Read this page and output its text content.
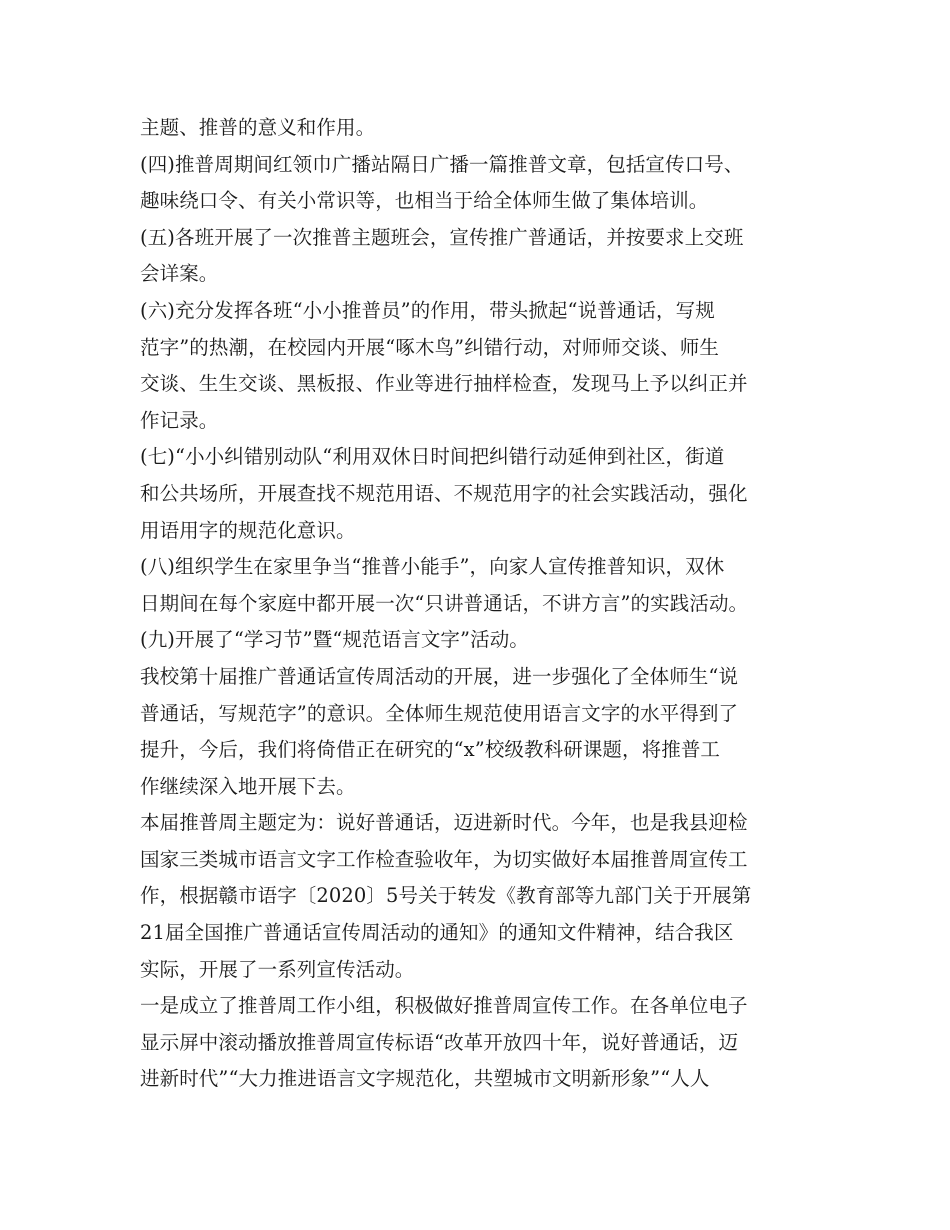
主题、推普的意义和作用。
(四)推普周期间红领巾广播站隔日广播一篇推普文章，包括宣传口号、
趣味绕口令、有关小常识等，也相当于给全体师生做了集体培训。
(五)各班开展了一次推普主题班会，宣传推广普通话，并按要求上交班
会详案。
(六)充分发挥各班“小小推普员”的作用，带头掀起“说普通话，写规
范字”的热潮，在校园内开展“啄木鸟”纠错行动，对师师交谈、师生
交谈、生生交谈、黑板报、作业等进行抽样检查，发现马上予以纠正并
作记录。
(七)“小小纠错别动队“利用双休日时间把纠错行动延伸到社区，街道
和公共场所，开展查找不规范用语、不规范用字的社会实践活动，强化
用语用字的规范化意识。
(八)组织学生在家里争当“推普小能手”，向家人宣传推普知识，双休
日期间在每个家庭中都开展一次“只讲普通话，不讲方言”的实践活动。
(九)开展了“学习节”暨“规范语言文字”活动。
我校第十届推广普通话宣传周活动的开展，进一步强化了全体师生“说
普通话，写规范字”的意识。全体师生规范使用语言文字的水平得到了
提升，今后，我们将倚借正在研究的“x”校级教科研课题，将推普工
作继续深入地开展下去。
本届推普周主题定为：说好普通话，迈进新时代。今年，也是我县迎检
国家三类城市语言文字工作检查验收年，为切实做好本届推普周宣传工
作，根据赣市语字〔2020〕5号关于转发《教育部等九部门关于开展第
21届全国推广普通话宣传周活动的通知》的通知文件精神，结合我区
实际，开展了一系列宣传活动。
一是成立了推普周工作小组，积极做好推普周宣传工作。在各单位电子
显示屏中滚动播放推普周宣传标语“改革开放四十年，说好普通话，迈
进新时代”“大力推进语言文字规范化，共塑城市文明新形象”“人人
